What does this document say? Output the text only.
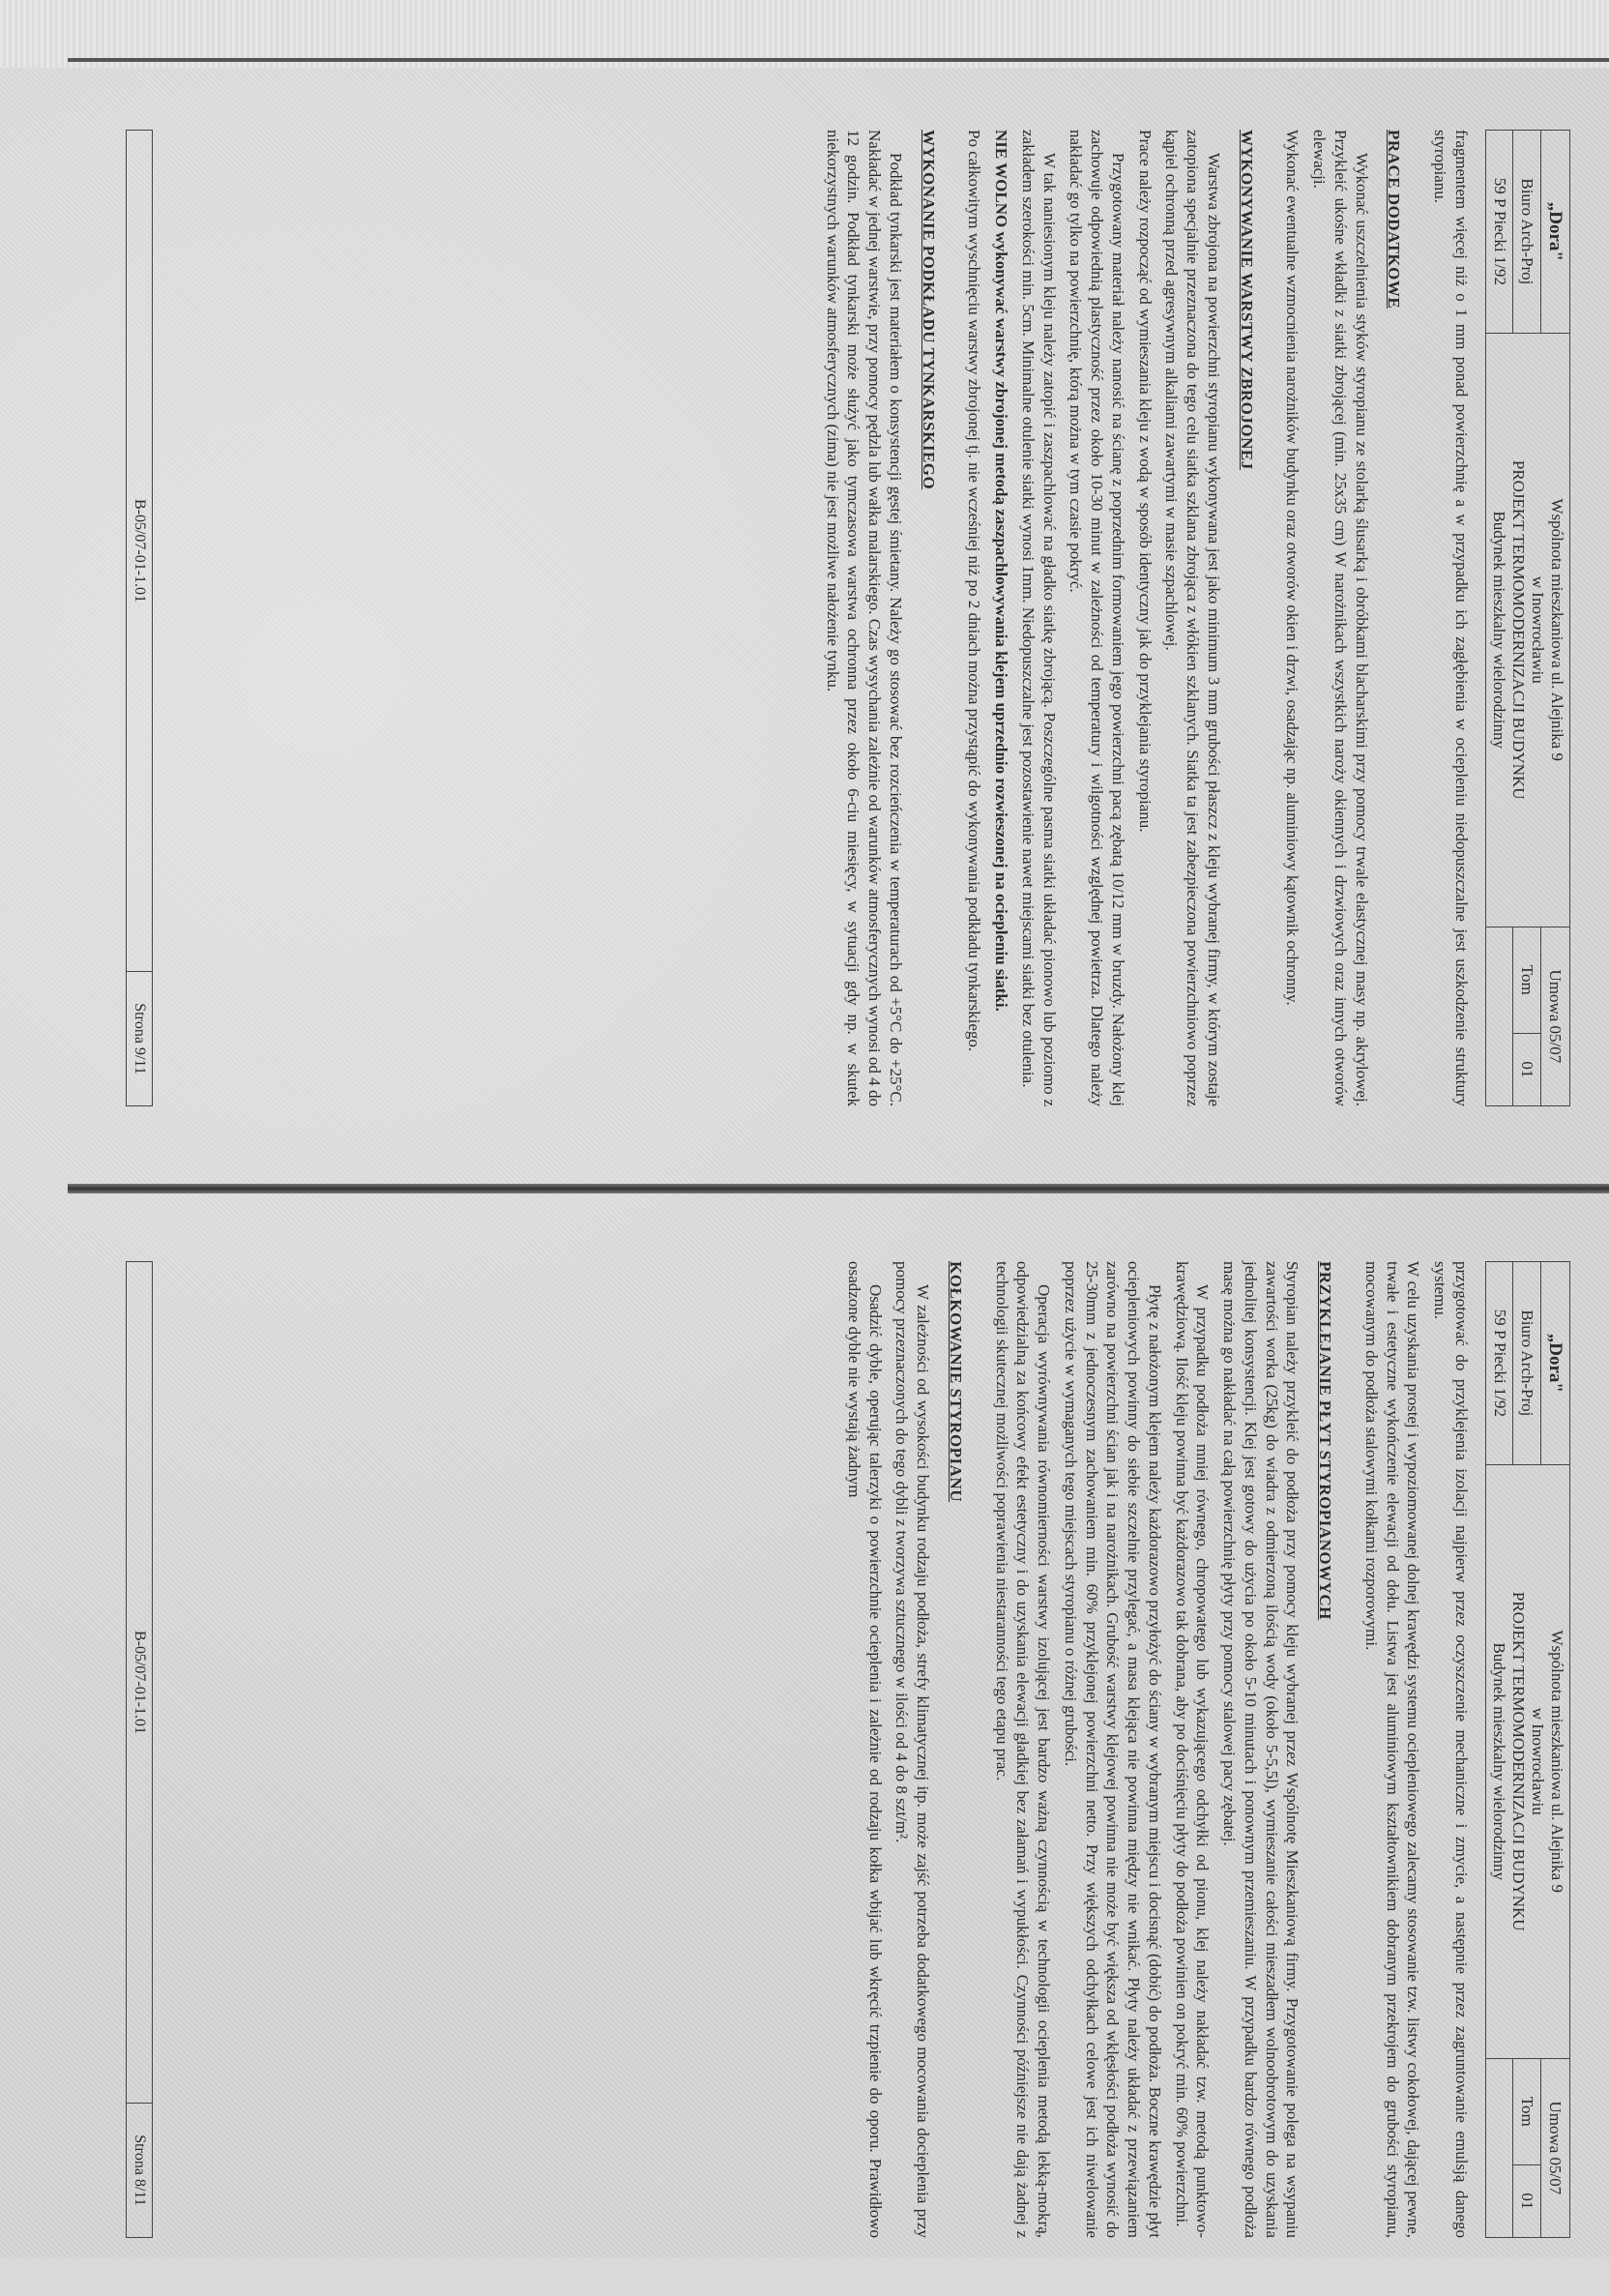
„Dora"	Wspólnota mieszkaniowa ul. Alejnika 9
w Inowrocławiu
PROJEKT TERMOMODERNIZACJI BUDYNKU
Budynek mieszkalny wielorodzinny	Umowa 05/07	
Biuro Arch-Proj		Tom	01
59 P Piecki 1/92			

fragmentem więcej niż o 1 mm ponad powierzchnię a w przypadku ich zagłębienia w ociepleniu niedopuszczalne jest uszkodzenie struktury styropianu.

PRACE DODATKOWE

Wykonać uszczelnienia styków styropianu ze stolarką ślusarką i obróbkami blacharskimi przy pomocy trwale elastycznej masy np. akrylowej. Przykleić ukośne wkładki z siatki zbrojącej (min. 25x35 cm) W narożnikach wszystkich naroży okiennych i drzwiowych oraz innych otworów elewacji.

Wykonać ewentualne wzmocnienia narożników budynku oraz otworów okien i drzwi, osadzając np. aluminiowy kątownik ochronny.

WYKONYWANIE WARSTWY ZBROJONEJ

Warstwa zbrojona na powierzchni styropianu wykonywana jest jako minimum 3 mm grubości płaszcz z kleju wybranej firmy, w którym zostaje zatopiona specjalnie przeznaczona do tego celu siatka szklana zbrojąca z włókien szklanych. Siatka ta jest zabezpieczona powierzchniowo poprzez kąpiel ochronną przed agresywnym alkaliami zawartymi w masie szpachlowej.

Prace należy rozpocząć od wymieszania kleju z wodą w sposób identyczny jak do przyklejania styropianu.

Przygotowany materiał należy nanosić na ścianę z poprzednim formowaniem jego powierzchni pacą zębatą 10/12 mm w bruzdy. Nałożony klej zachowuje odpowiednią plastyczność przez około 10-30 minut w zależności od temperatury i wilgotności względnej powietrza. Dlatego należy nakładać go tylko na powierzchnię, którą można w tym czasie pokryć.

W tak naniesionym kleju należy zatopić i zaszpachlować na gładko siatkę zbrojącą. Poszczególne pasma siatki układać pionowo lub poziomo z zakładem szerokości min. 5cm. Minimalne otulenie siatki wynosi 1mm. Niedopuszczalne jest pozostawienie nawet miejscami siatki bez otulenia.

NIE WOLNO wykonywać warstwy zbrojonej metodą zaszpachlowywania klejem uprzednio rozwieszonej na ociepleniu siatki.

Po całkowitym wyschnięciu warstwy zbrojonej tj. nie wcześniej niż po 2 dniach można przystąpić do wykonywania podkładu tynkarskiego.

WYKONANIE PODKŁADU TYNKARSKIEGO

Podkład tynkarski jest materiałem o konsystencji gęstej śmietany. Należy go stosować bez rozcieńczenia w temperaturach od +5°C do +25°C. Nakładać w jednej warstwie, przy pomocy pędzla lub wałka malarskiego. Czas wysychania zależnie od warunków atmosferycznych wynosi od 4 do 12 godzin. Podkład tynkarski może służyć jako tymczasowa warstwa ochronna przez około 6-ciu miesięcy, w sytuacji gdy np. w skutek niekorzystnych warunków atmosferycznych (zima) nie jest możliwe nałożenie tynku.

B-05/07-01-1.01
Strona 9/11
„Dora"	Wspólnota mieszkaniowa ul. Alejnika 9
w Inowrocławiu
PROJEKT TERMOMODERNIZACJI BUDYNKU
Budynek mieszkalny wielorodzinny	Umowa 05/07	
Biuro Arch-Proj		Tom	01
59 P Piecki 1/92			

przygotować do przyklejenia izolacji najpierw przez oczyszczenie mechaniczne i zmycie, a następnie przez zagruntowanie emulsją danego systemu.

W celu uzyskania prostej i wypoziomowanej dolnej krawędzi systemu ociepleniowego zalecamy stosowanie tzw. listwy cokołowej, dającej pewne, trwałe i estetyczne wykończenie elewacji od dołu. Listwa jest aluminiowym kształtownikiem dobranym przekrojem do grubości styropianu, mocowanym do podłoża stalowymi kołkami rozporowymi.

PRZYKLEJANIE PŁYT STYROPIANOWYCH

Styropian należy przykleić do podłoża przy pomocy kleju wybranej przez Wspólnotę Mieszkaniową firmy. Przygotowanie polega na wsypaniu zawartości worka (25kg) do wiadra z odmierzoną ilością wody (około 5-5,5l), wymieszanie całości mieszadłem wolnoobrotowym do uzyskania jednolitej konsystencji. Klej jest gotowy do użycia po około 5-10 minutach i ponownym przemieszaniu. W przypadku bardzo równego podłoża masę można go nakładać na całą powierzchnię płyty przy pomocy stalowej pacy zębatej.

W przypadku podłoża mniej równego, chropowatego lub wykazującego odchyłki od pionu, klej należy nakładać tzw. metodą punktowo-krawędziową. Ilość kleju powinna być każdorazowo tak dobrana, aby po dociśnięciu płyty do podłoża powinien on pokryć min. 60% powierzchni.

Płytę z nałożonym klejem należy każdorazowo przyłożyć do ściany w wybranym miejscu i docisnąć (dobić) do podłoża. Boczne krawędzie płyt ociepleniowych powinny do siebie szczelnie przylegać, a masa klejąca nie powinna między nie wnikać. Płyty należy układać z przewiązaniem zarówno na powierzchni ścian jak i na narożnikach. Grubość warstwy klejowej powinna nie może być większa od wklęsłości podłoża wynosić do 25-30mm z jednoczesnym zachowaniem min. 60% przyklejonej powierzchni netto. Przy większych odchyłkach celowe jest ich niwelowanie poprzez użycie w wymaganych tego miejscach styropianu o różnej grubości.

Operacja wyrównywania równomierności warstwy izolującej jest bardzo ważną czynnością w technologii ocieplenia metodą lekką-mokrą, odpowiedzialną za końcowy efekt estetyczny i do uzyskania elewacji gładkiej bez załamań i wypukłości. Czynności późniejsze nie dają żadnej z technologii skutecznej możliwości poprawienia niestaranności tego etapu prac.

KOŁKOWANIE STYROPIANU

W zależności od wysokości budynku rodzaju podłoża, strefy klimatycznej itp. może zajść potrzeba dodatkowego mocowania docieplenia przy pomocy przeznaczonych do tego dybli z tworzywa sztucznego w ilości od 4 do 8 szt/m².

Osadzić dyble, operując talerzyki o powierzchnie ocieplenia i zależnie od rodzaju kołka wbijać lub wkręcić trzpienie do oporu. Prawidłowo osadzone dyble nie wystają żadnym

B-05/07-01-1.01
Strona 8/11
